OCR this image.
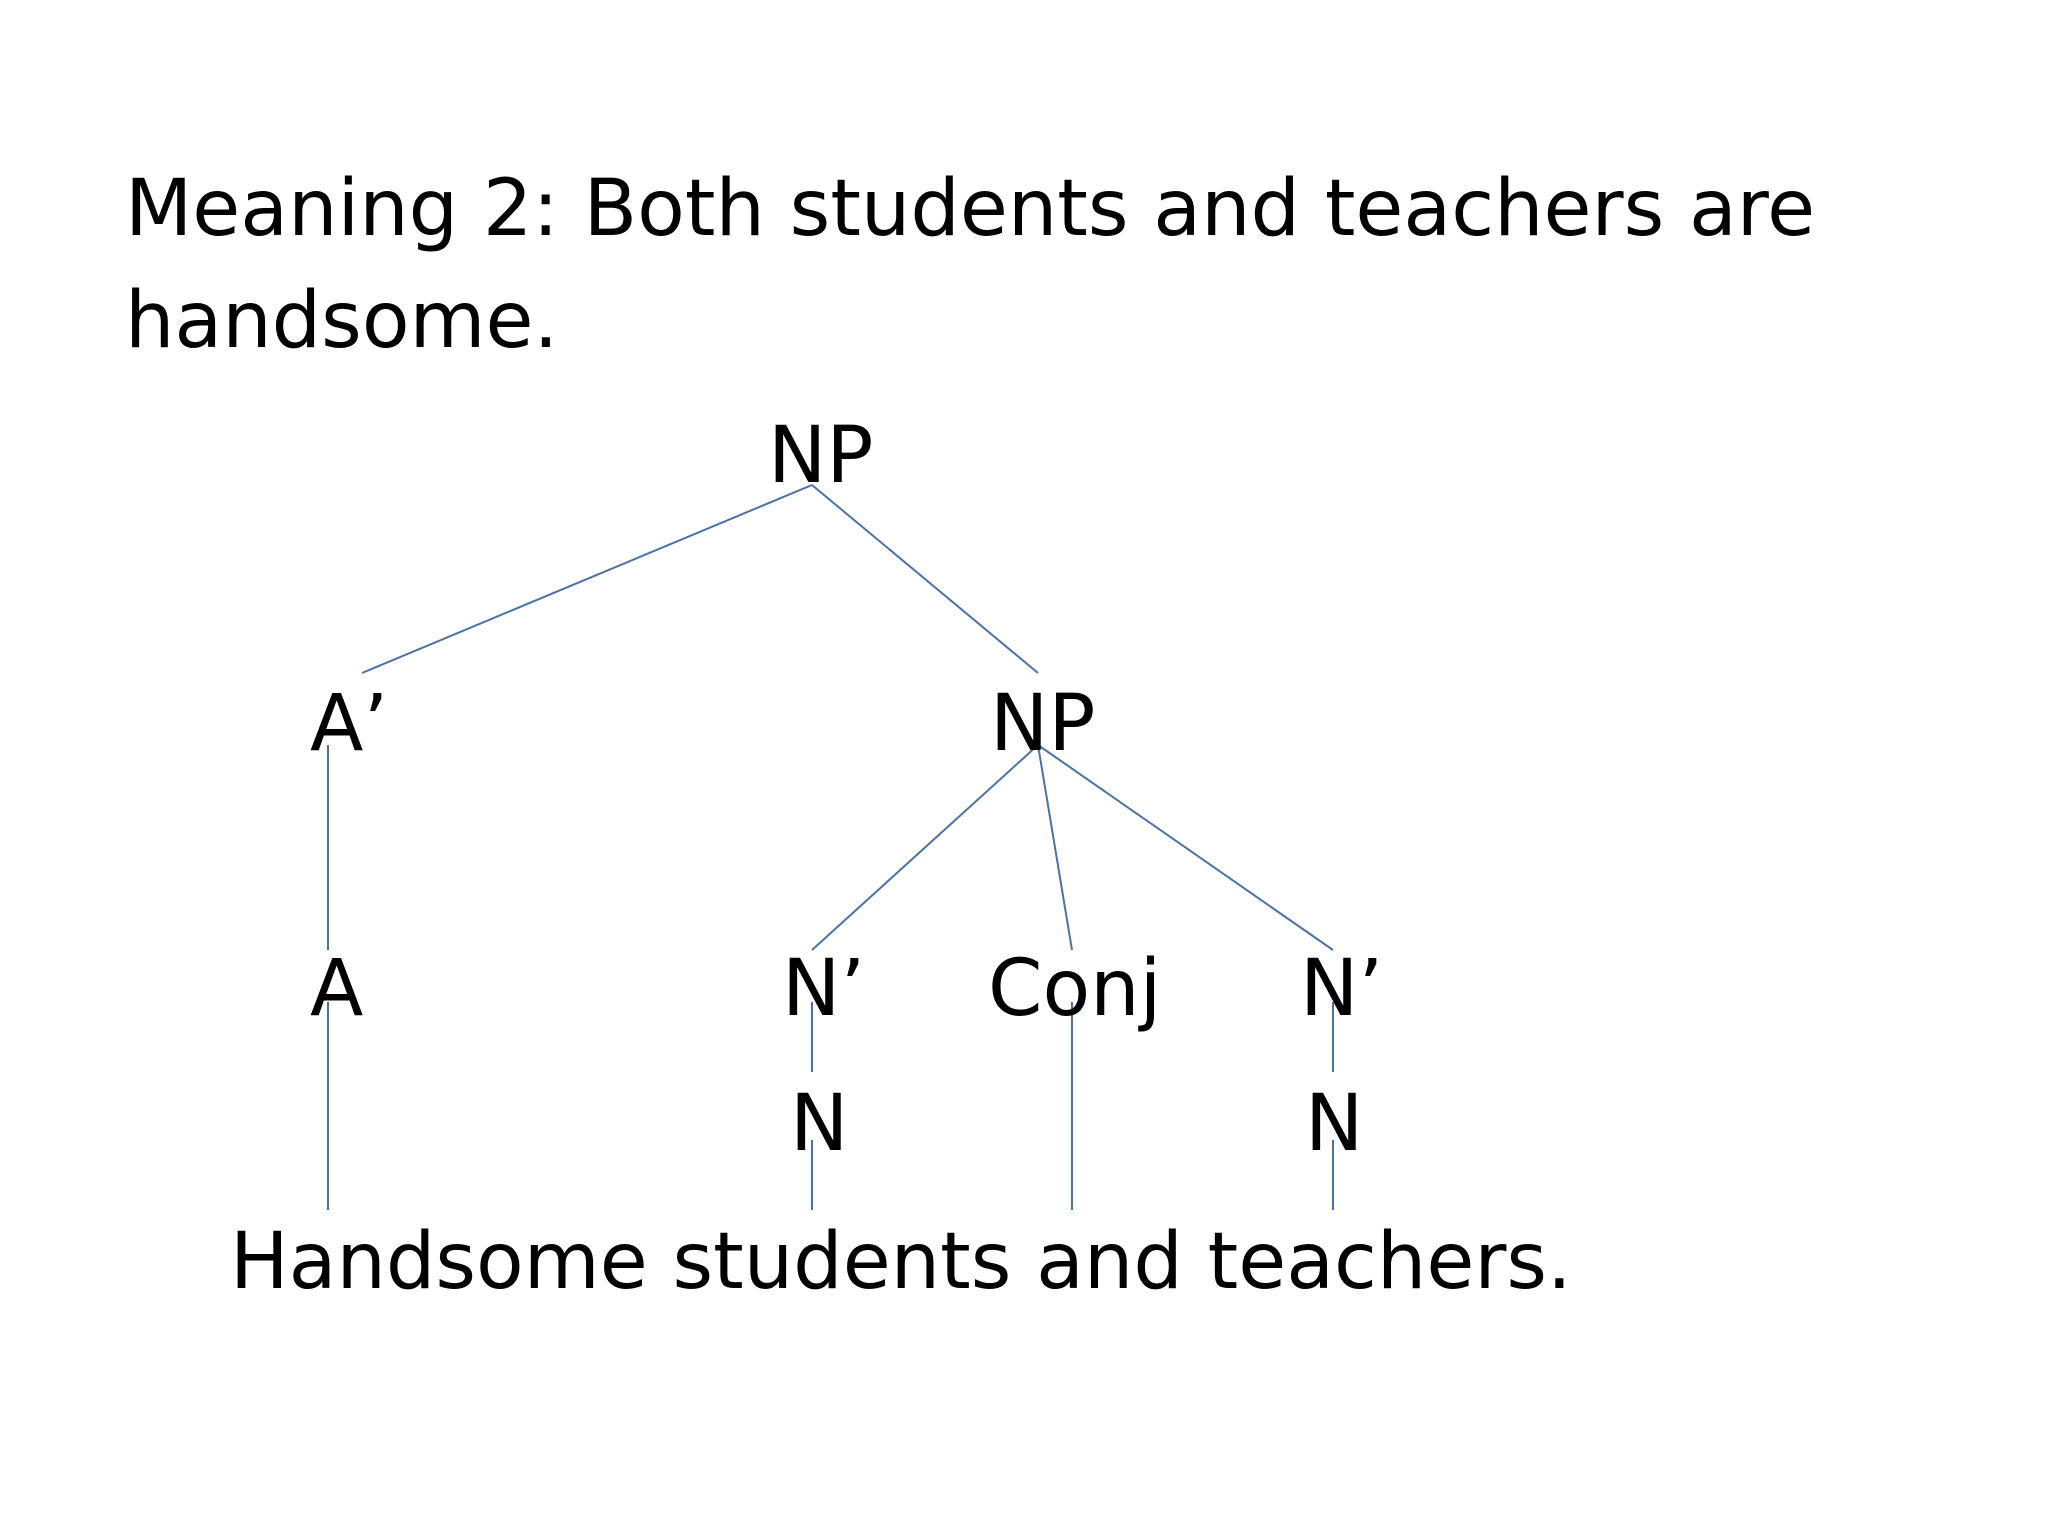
Meaning 2: Both students and teachers are
handsome.
NP
A’	NP
A	N’ Conj N’
N	N
Handsome students and teachers.
